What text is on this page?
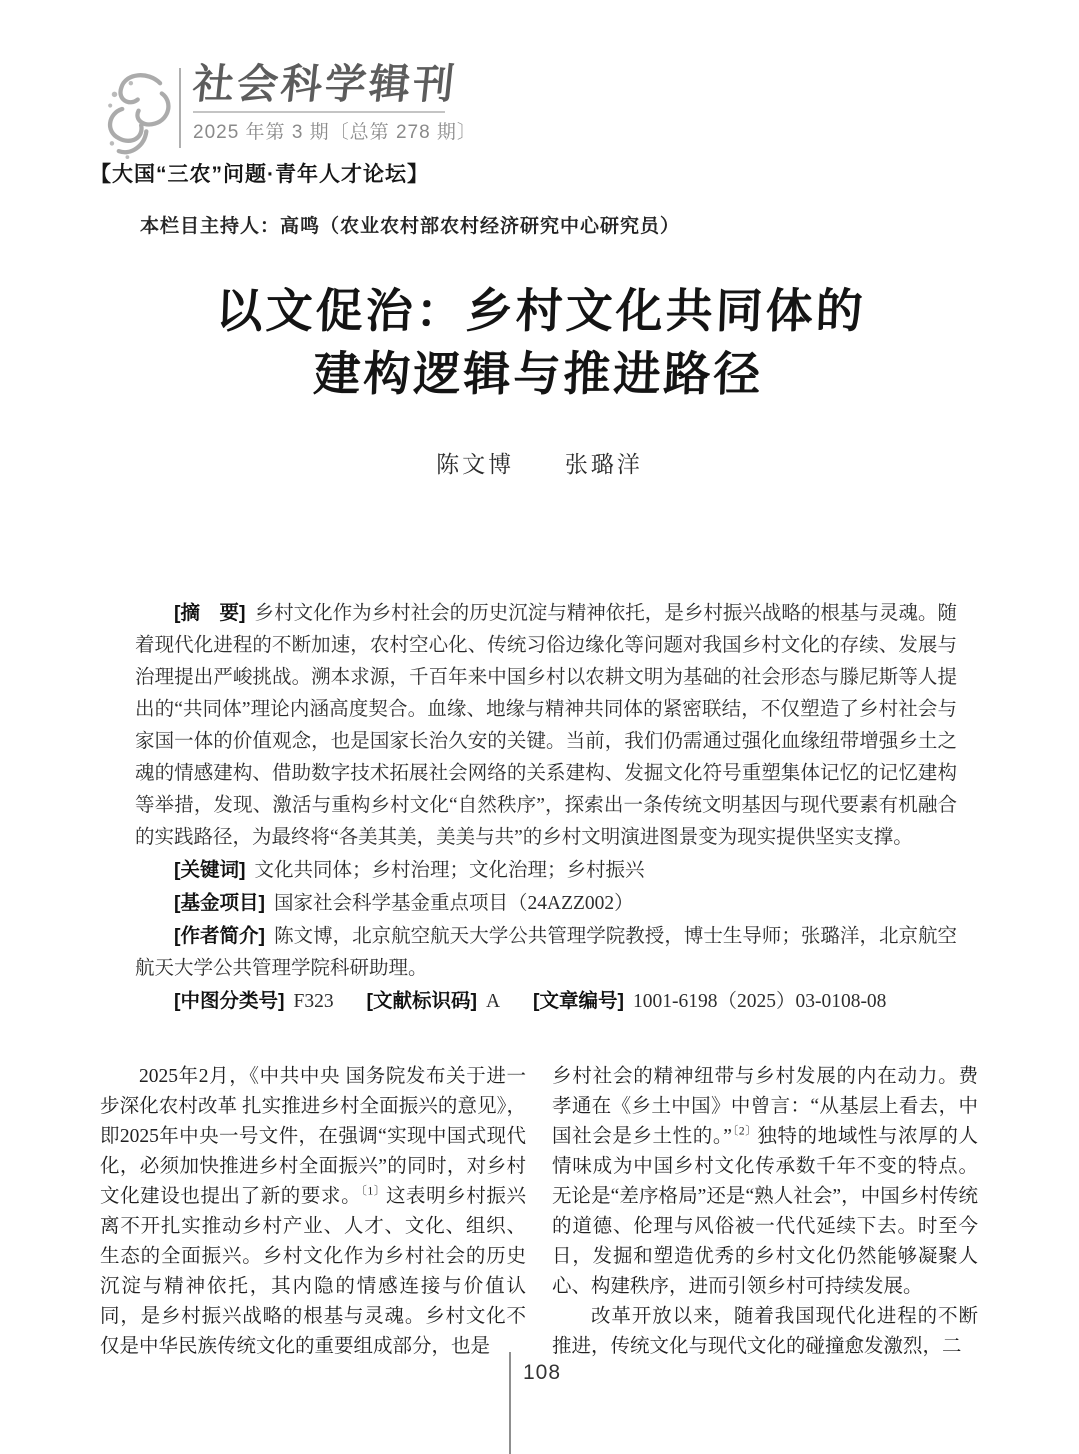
社会科学辑刊
2025 年第 3 期〔总第 278 期〕
【大国“三农”问题·青年人才论坛】
本栏目主持人：高鸣（农业农村部农村经济研究中心研究员）
以文促治：乡村文化共同体的
建构逻辑与推进路径
陈文博 张璐洋

[摘　要] 乡村文化作为乡村社会的历史沉淀与精神依托，是乡村振兴战略的根基与灵魂。随着现代化进程的不断加速，农村空心化、传统习俗边缘化等问题对我国乡村文化的存续、发展与治理提出严峻挑战。溯本求源，千百年来中国乡村以农耕文明为基础的社会形态与滕尼斯等人提出的“共同体”理论内涵高度契合。血缘、地缘与精神共同体的紧密联结，不仅塑造了乡村社会与家国一体的价值观念，也是国家长治久安的关键。当前，我们仍需通过强化血缘纽带增强乡土之魂的情感建构、借助数字技术拓展社会网络的关系建构、发掘文化符号重塑集体记忆的记忆建构等举措，发现、激活与重构乡村文化“自然秩序”，探索出一条传统文明基因与现代要素有机融合的实践路径，为最终将“各美其美，美美与共”的乡村文明演进图景变为现实提供坚实支撑。

[关键词] 文化共同体；乡村治理；文化治理；乡村振兴

[基金项目] 国家社会科学基金重点项目（24AZZ002）

[作者简介] 陈文博，北京航空航天大学公共管理学院教授，博士生导师；张璐洋，北京航空航天大学公共管理学院科研助理。

[中图分类号] F323 [文献标识码] A [文章编号] 1001-6198（2025）03-0108-08

2025年2月，《中共中央 国务院发布关于进一步深化农村改革 扎实推进乡村全面振兴的意见》，即2025年中央一号文件，在强调“实现中国式现代化，必须加快推进乡村全面振兴”的同时，对乡村文化建设也提出了新的要求。$^{〔1〕}$这表明乡村振兴离不开扎实推动乡村产业、人才、文化、组织、生态的全面振兴。乡村文化作为乡村社会的历史沉淀与精神依托，其内隐的情感连接与价值认同，是乡村振兴战略的根基与灵魂。乡村文化不仅是中华民族传统文化的重要组成部分，也是

乡村社会的精神纽带与乡村发展的内在动力。费孝通在《乡土中国》中曾言：“从基层上看去，中国社会是乡土性的。”$^{〔2〕}$独特的地域性与浓厚的人情味成为中国乡村文化传承数千年不变的特点。无论是“差序格局”还是“熟人社会”，中国乡村传统的道德、伦理与风俗被一代代延续下去。时至今日，发掘和塑造优秀的乡村文化仍然能够凝聚人心、构建秩序，进而引领乡村可持续发展。

改革开放以来，随着我国现代化进程的不断推进，传统文化与现代文化的碰撞愈发激烈，二

108
